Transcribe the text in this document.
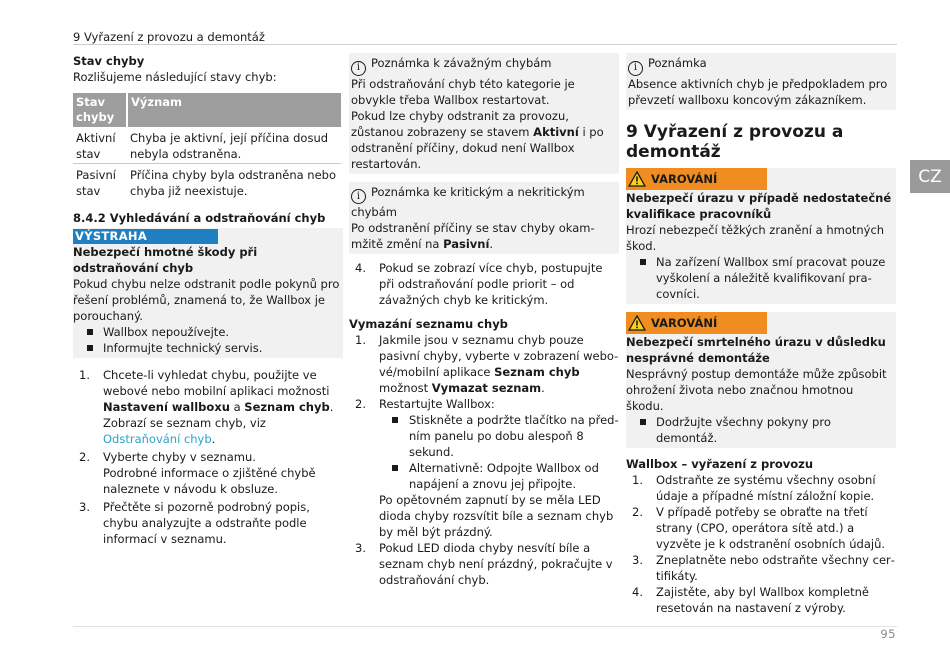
9 Vyřazení z provozu a demontáž
CZ

Stav chyby

Rozlišujeme následující stavy chyb:

Stav chyby	Význam
Aktivní stav	Chyba je aktivní, její příčina dosud nebyla odstraněna.
Pasivní stav	Příčina chyby byla odstraněna nebo chyba již neexistuje.

8.4.2 Vyhledávání a odstraňování chyb

VÝSTRAHA

Nebezpečí hmotné škody při odstraňování chyb

Pokud chybu nelze odstranit podle pokynů pro řešení problémů, znamená to, že Wallbox je porouchaný.

Wallbox nepoužívejte.
Informujte technický servis.
1. Chcete-li vyhledat chybu, použijte ve webové nebo mobilní aplikaci možnosti Nastavení wallboxu a Seznam chyb.
Zobrazí se seznam chyb, viz Odstraňování chyb.
2. Vyberte chyby v seznamu.
Podrobné informace o zjištěné chybě naleznete v návodu k obsluze.
3. Přečtěte si pozorně podrobný popis, chybu analyzujte a odstraňte podle informací v seznamu.
i Poznámka k závažným chybám

Při odstraňování chyb této kategorie je obvykle třeba Wallbox restartovat.

Pokud lze chyby odstranit za provozu, zůstanou zobrazeny se stavem Aktivní i po odstranění příčiny, dokud není Wallbox restartován.

i Poznámka ke kritickým a nekritickým chybám

Po odstranění příčiny se stav chyby okammžitě změní na Pasivní.

4. Pokud se zobrazí více chyb, postupujte při odstraňování podle priorit – od závažných chyb ke kritickým.

Vymazání seznamu chyb

1. Jakmile jsou v seznamu chyb pouze pasivní chyby, vyberte v zobrazení webové/mobilní aplikace Seznam chyb možnost Vymazat seznam.
2. Restartujte Wallbox:
Stiskněte a podržte tlačítko na předním panelu po dobu alespoň 8 sekund.
Alternativně: Odpojte Wallbox od napájení a znovu jej připojte.
Po opětovném zapnutí by se měla LED dioda chyby rozsvítit bíle a seznam chyb by měl být prázdný.
3. Pokud LED dioda chyby nesvítí bíle a seznam chyb není prázdný, pokračujte v odstraňování chyb.
i Poznámka

Absence aktivních chyb je předpokladem pro převzetí wallboxu koncovým zákazníkem.

9 Vyřazení z provozu a demontáž
VAROVÁNÍ

Nebezpečí úrazu v případě nedostatečné kvalifikace pracovníků

Hrozí nebezpečí těžkých zranění a hmotných škod.

Na zařízení Wallbox smí pracovat pouze vyškolení a náležitě kvalifikovaní pracovníci.
VAROVÁNÍ

Nebezpečí smrtelného úrazu v důsledku nesprávné demontáže

Nesprávný postup demontáže může způsobit ohrožení života nebo značnou hmotnou škodu.

Dodržujte všechny pokyny pro demontáž.

Wallbox – vyřazení z provozu

1. Odstraňte ze systému všechny osobní údaje a případné místní záložní kopie.
2. V případě potřeby se obraťte na třetí strany (CPO, operátora sítě atd.) a vyzvěte je k odstranění osobních údajů.
3. Zneplatněte nebo odstraňte všechny certifikáty.
4. Zajistěte, aby byl Wallbox kompletně resetován na nastavení z výroby.
95
